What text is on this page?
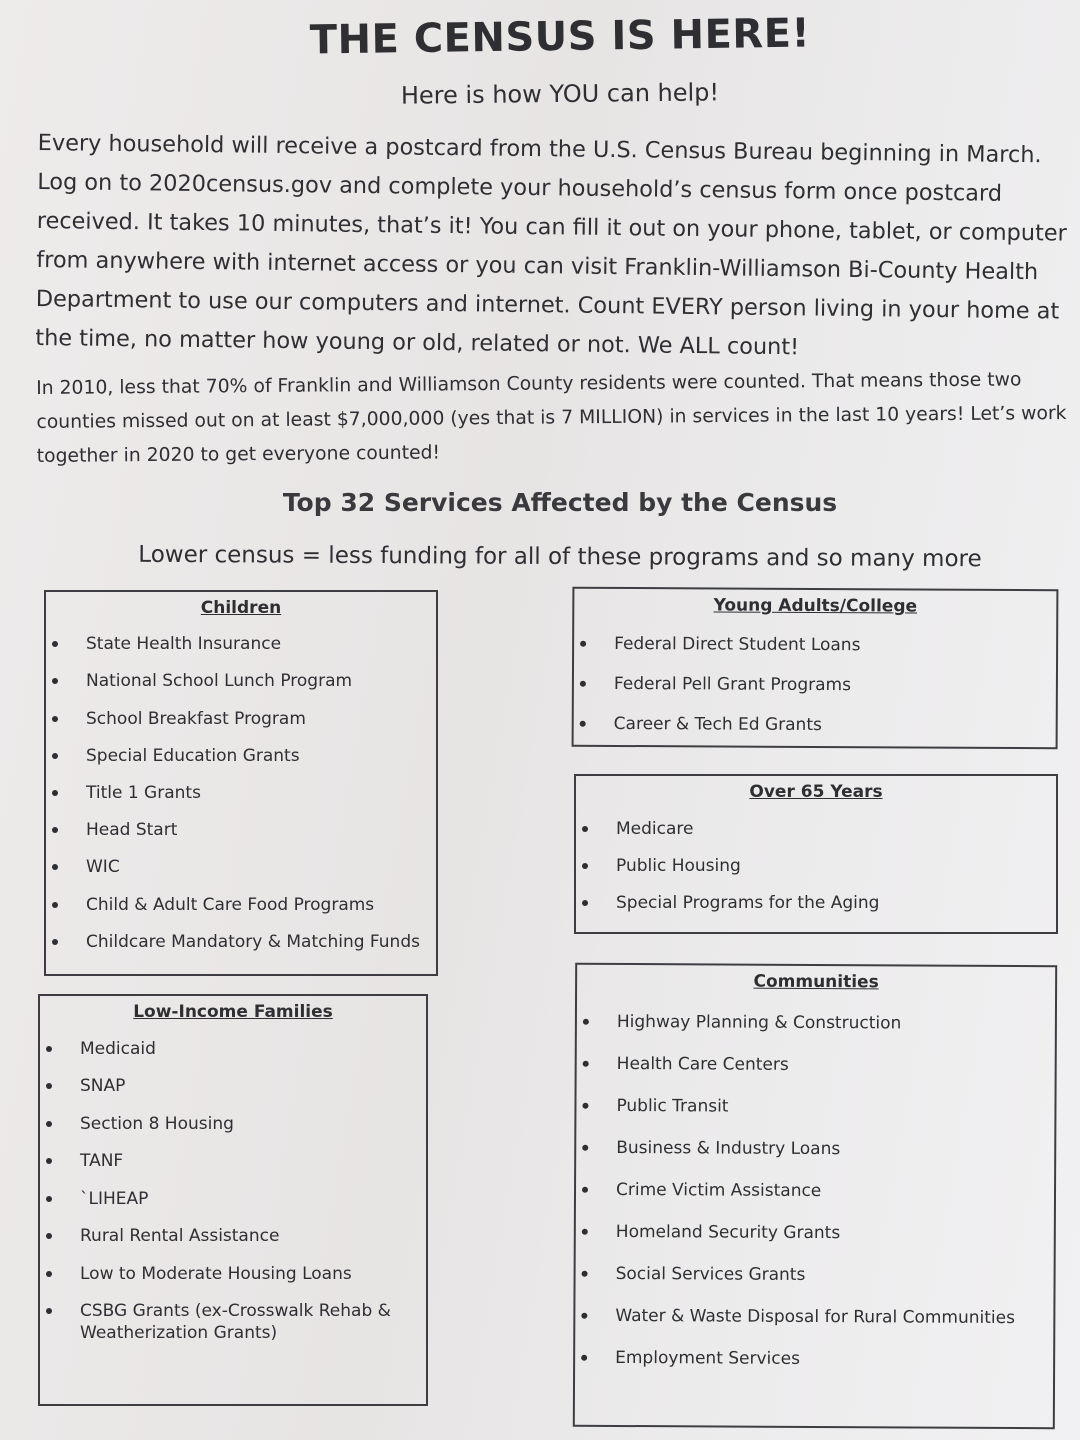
THE CENSUS IS HERE!
Here is how YOU can help!
Every household will receive a postcard from the U.S. Census Bureau beginning in March. Log on to 2020census.gov and complete your household’s census form once postcard received. It takes 10 minutes, that’s it! You can fill it out on your phone, tablet, or computer from anywhere with internet access or you can visit Franklin-Williamson Bi-County Health Department to use our computers and internet. Count EVERY person living in your home at the time, no matter how young or old, related or not. We ALL count!
In 2010, less that 70% of Franklin and Williamson County residents were counted. That means those two counties missed out on at least $7,000,000 (yes that is 7 MILLION) in services in the last 10 years! Let’s work together in 2020 to get everyone counted!
Top 32 Services Affected by the Census
Lower census = less funding for all of these programs and so many more
Children
State Health Insurance
National School Lunch Program
School Breakfast Program
Special Education Grants
Title 1 Grants
Head Start
WIC
Child & Adult Care Food Programs
Childcare Mandatory & Matching Funds
Low-Income Families
Medicaid
SNAP
Section 8 Housing
TANF
`LIHEAP
Rural Rental Assistance
Low to Moderate Housing Loans
CSBG Grants (ex-Crosswalk Rehab & Weatherization Grants)
Young Adults/College
Federal Direct Student Loans
Federal Pell Grant Programs
Career & Tech Ed Grants
Over 65 Years
Medicare
Public Housing
Special Programs for the Aging
Communities
Highway Planning & Construction
Health Care Centers
Public Transit
Business & Industry Loans
Crime Victim Assistance
Homeland Security Grants
Social Services Grants
Water & Waste Disposal for Rural Communities
Employment Services
